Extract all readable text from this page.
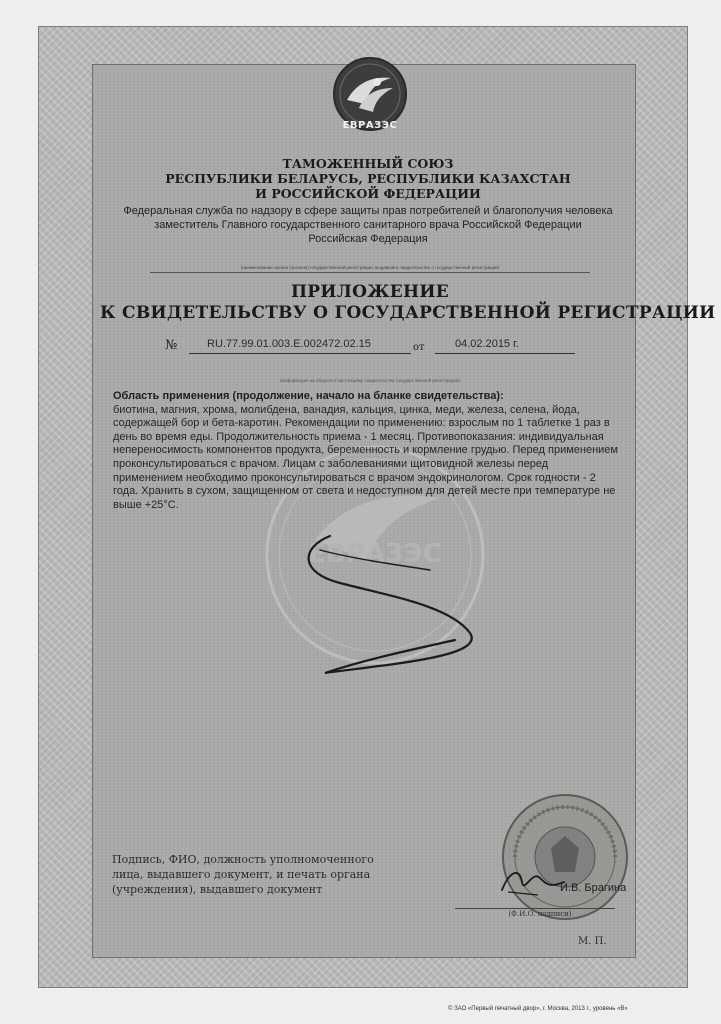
ЕВРАЗЭС
ТАМОЖЕННЫЙ СОЮЗ
РЕСПУБЛИКИ БЕЛАРУСЬ, РЕСПУБЛИКИ КАЗАХСТАН
И РОССИЙСКОЙ ФЕДЕРАЦИИ
Федеральная служба по надзору в сфере защиты прав потребителей и благополучия человека
заместитель Главного государственного санитарного врача Российской Федерации
Российская Федерация
(наименование органа (органов) государственной регистрации, выдавшего свидетельство о государственной регистрации)
ПРИЛОЖЕНИЕ
К СВИДЕТЕЛЬСТВУ О ГОСУДАРСТВЕННОЙ РЕГИСТРАЦИИ
№	RU.77.99.01.003.E.002472.02.15	от	04.02.2015 г.
(информация на обороте к настоящему свидетельству государственной регистрации)
ЕВРАЗЭС
Область применения (продолжение, начало на бланке свидетельства):
биотина, магния, хрома, молибдена, ванадия, кальция, цинка, меди, железа, селена, йода,
содержащей бор и бета-каротин. Рекомендации по применению: взрослым по 1 таблетке 1 раз в
день во время еды. Продолжительность приема - 1 месяц. Противопоказания: индивидуальная
непереносимость компонентов продукта, беременность и кормление грудью. Перед применением
проконсультироваться с врачом. Лицам с заболеваниями щитовидной железы перед
применением необходимо проконсультироваться с врачом эндокринологом. Срок годности - 2
года. Хранить в сухом, защищенном от света и недоступном для детей месте при температуре не
выше +25°С.
Подпись, ФИО, должность уполномоченного
лица, выдавшего документ, и печать органа
(учреждения), выдавшего документ	И.В. Брагина
(Ф.И.О. подписи)
М. П.
© ЗАО «Первый печатный двор», г. Москва, 2013 г., уровень «В»
